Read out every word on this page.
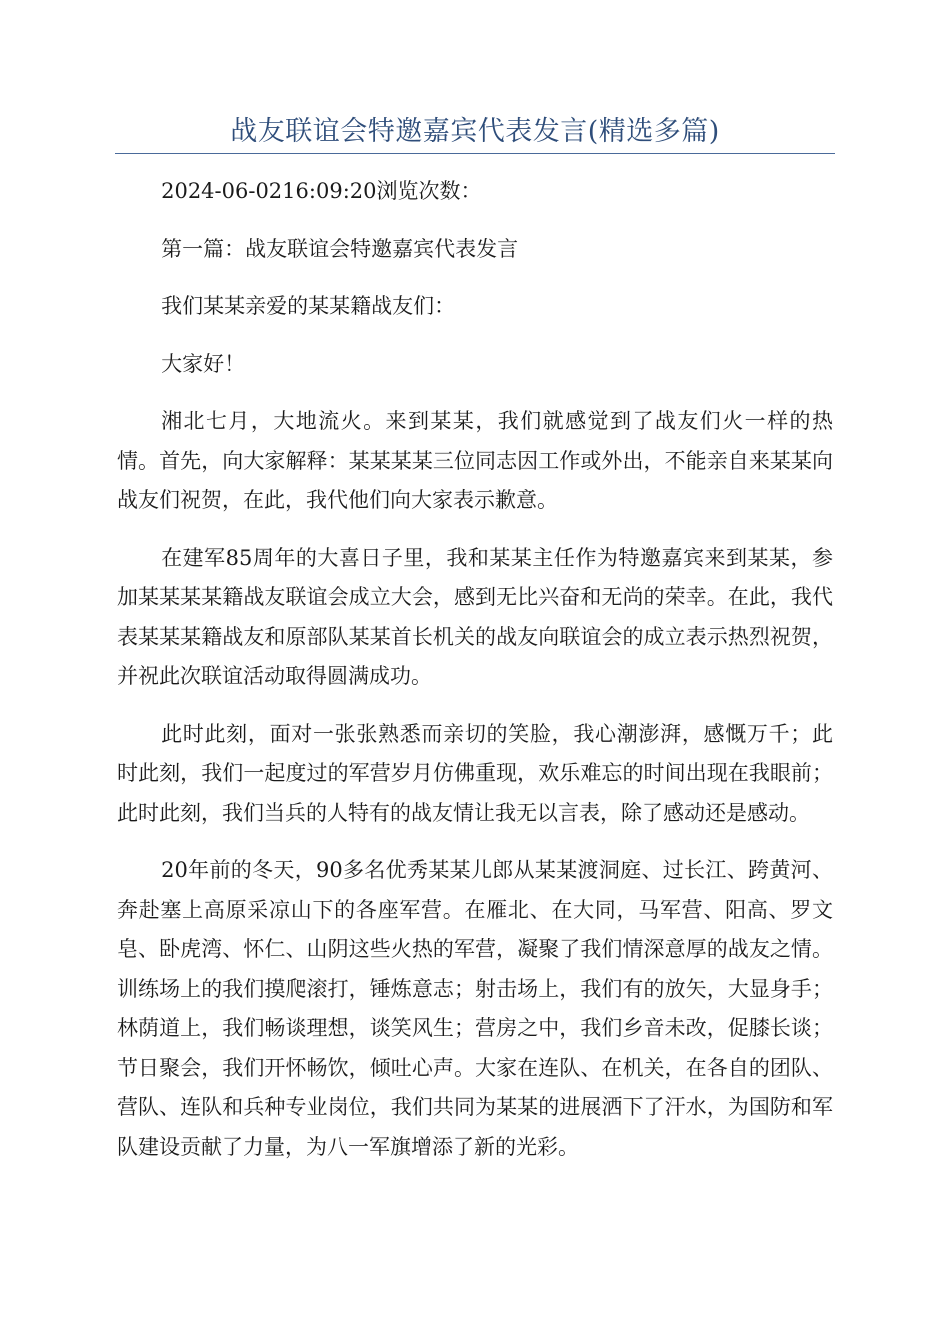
战友联谊会特邀嘉宾代表发言(精选多篇)

2024-06-0216:09:20浏览次数：

第一篇：战友联谊会特邀嘉宾代表发言

我们某某亲爱的某某籍战友们：

大家好！

湘北七月，大地流火。来到某某，我们就感觉到了战友们火一样的热情。首先，向大家解释：某某某某三位同志因工作或外出，不能亲自来某某向战友们祝贺，在此，我代他们向大家表示歉意。

在建军85周年的大喜日子里，我和某某主任作为特邀嘉宾来到某某，参加某某某某籍战友联谊会成立大会，感到无比兴奋和无尚的荣幸。在此，我代表某某某籍战友和原部队某某首长机关的战友向联谊会的成立表示热烈祝贺，并祝此次联谊活动取得圆满成功。

此时此刻，面对一张张熟悉而亲切的笑脸，我心潮澎湃，感慨万千；此时此刻，我们一起度过的军营岁月仿佛重现，欢乐难忘的时间出现在我眼前；此时此刻，我们当兵的人特有的战友情让我无以言表，除了感动还是感动。

20年前的冬天，90多名优秀某某儿郎从某某渡洞庭、过长江、跨黄河、奔赴塞上高原采凉山下的各座军营。在雁北、在大同，马军营、阳高、罗文皂、卧虎湾、怀仁、山阴这些火热的军营，凝聚了我们情深意厚的战友之情。训练场上的我们摸爬滚打，锤炼意志；射击场上，我们有的放矢，大显身手；林荫道上，我们畅谈理想，谈笑风生；营房之中，我们乡音未改，促膝长谈；节日聚会，我们开怀畅饮，倾吐心声。大家在连队、在机关，在各自的团队、营队、连队和兵种专业岗位，我们共同为某某的进展洒下了汗水，为国防和军队建设贡献了力量，为八一军旗增添了新的光彩。
